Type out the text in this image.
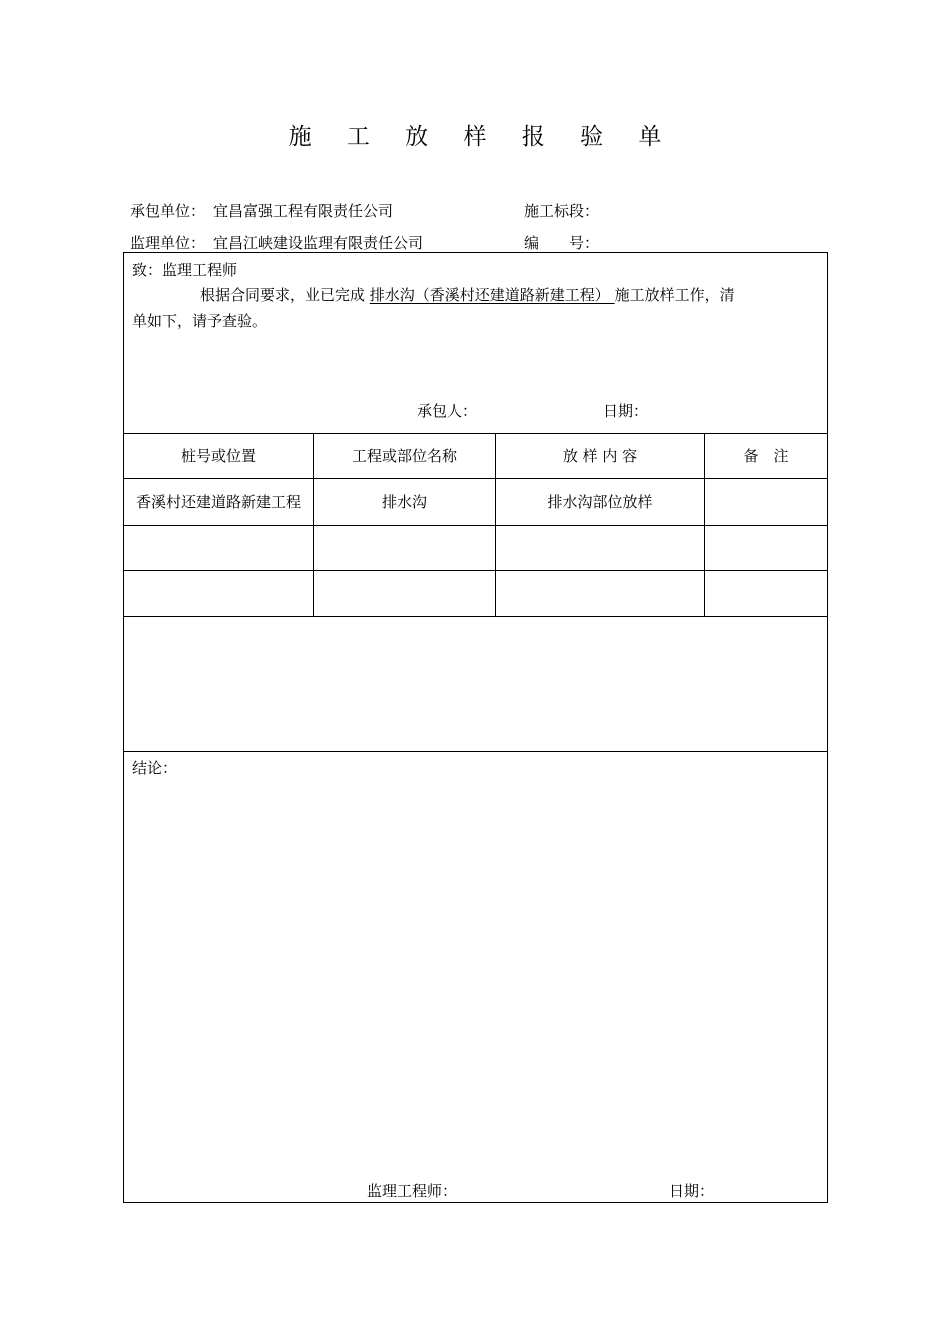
施 工 放 样 报 验 单
承包单位： 宜昌富强工程有限责任公司	施工标段：
监理单位： 宜昌江峡建设监理有限责任公司	编　　号：
致：监理工程师
根据合同要求，业已完成 排水沟（香溪村还建道路新建工程） 施工放样工作，清
单如下，请予查验。
承包人：	日期：
桩号或位置	工程或部位名称	放 样 内 容	备　注
香溪村还建道路新建工程	排水沟	排水沟部位放样
结论：
监理工程师：	日期：
